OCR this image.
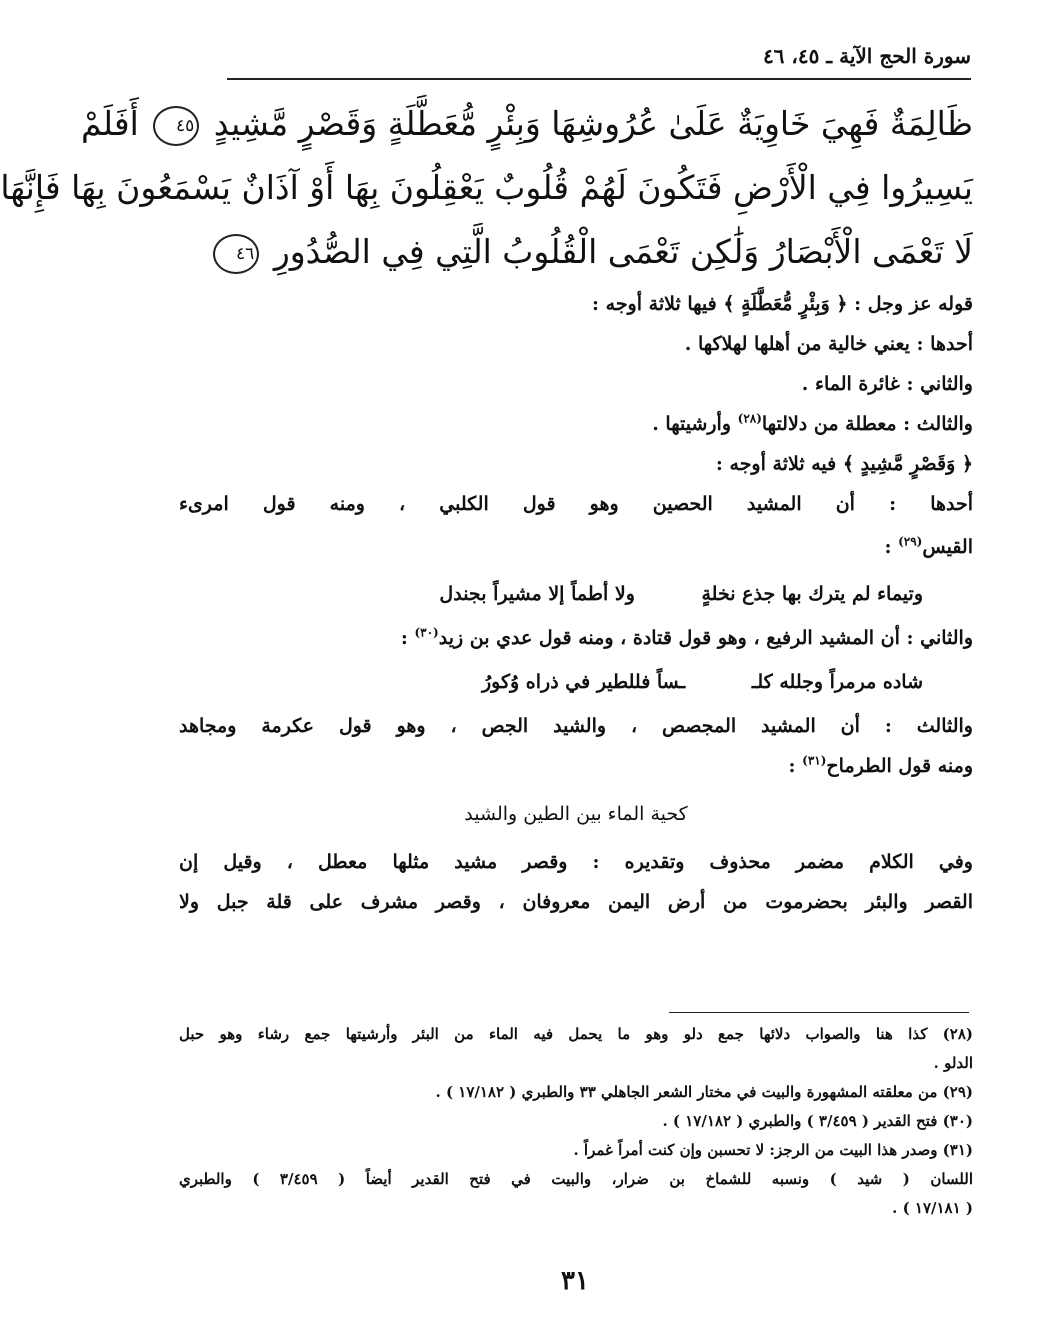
سورة الحج الآية ـ ٤٥، ٤٦
ظَالِمَةٌ فَهِيَ خَاوِيَةٌ عَلَىٰ عُرُوشِهَا وَبِئْرٍ مُّعَطَّلَةٍ وَقَصْرٍ مَّشِيدٍ ٤٥ أَفَلَمْ
يَسِيرُوا فِي الْأَرْضِ فَتَكُونَ لَهُمْ قُلُوبٌ يَعْقِلُونَ بِهَا أَوْ آذَانٌ يَسْمَعُونَ بِهَا فَإِنَّهَا
لَا تَعْمَى الْأَبْصَارُ وَلَٰكِن تَعْمَى الْقُلُوبُ الَّتِي فِي الصُّدُورِ ٤٦
قوله عز وجل : ﴿ وَبِئْرٍ مُّعَطَّلَةٍ ﴾ فيها ثلاثة أوجه :
أحدها : يعني خالية من أهلها لهلاكها .
والثاني : غائرة الماء .
والثالث : معطلة من دلالتها$^{(٢٨)}$ وأرشيتها .
﴿ وَقَصْرٍ مَّشِيدٍ ﴾ فيه ثلاثة أوجه :
أحدها : أن المشيد الحصين وهو قول الكلبي ، ومنه قول امرىء
القيس$^{(٢٩)}$ :
وتيماء لم يترك بها جذع نخلةٍ ولا أطماً إلا مشيراً بجندل
والثاني : أن المشيد الرفيع ، وهو قول قتادة ، ومنه قول عدي بن زيد$^{(٣٠)}$ :
شاده مرمراً وجلله كلـ ـساً فللطير في ذراه وُكورُ
والثالث : أن المشيد المجصص ، والشيد الجص ، وهو قول عكرمة ومجاهد
ومنه قول الطرماح$^{(٣١)}$ :
كحية الماء بين الطين والشيد
وفي الكلام مضمر محذوف وتقديره : وقصر مشيد مثلها معطل ، وقيل إن
القصر والبئر بحضرموت من أرض اليمن معروفان ، وقصر مشرف على قلة جبل ولا
(٢٨) كذا هنا والصواب دلائها جمع دلو وهو ما يحمل فيه الماء من البئر وأرشيتها جمع رشاء وهو حبل
الدلو .
(٢٩) من معلقته المشهورة والبيت في مختار الشعر الجاهلي ٣٣ والطبري ( ١٧/١٨٢ ) .
(٣٠) فتح القدير ( ٣/٤٥٩ ) والطبري ( ١٧/١٨٢ ) .
(٣١) وصدر هذا البيت من الرجز: لا تحسبن وإن كنت أمراً غمراً .
اللسان ( شيد ) ونسبه للشماخ بن ضرار، والبيت في فتح القدير أيضاً ( ٣/٤٥٩ ) والطبري
( ١٧/١٨١ ) .
٣١
